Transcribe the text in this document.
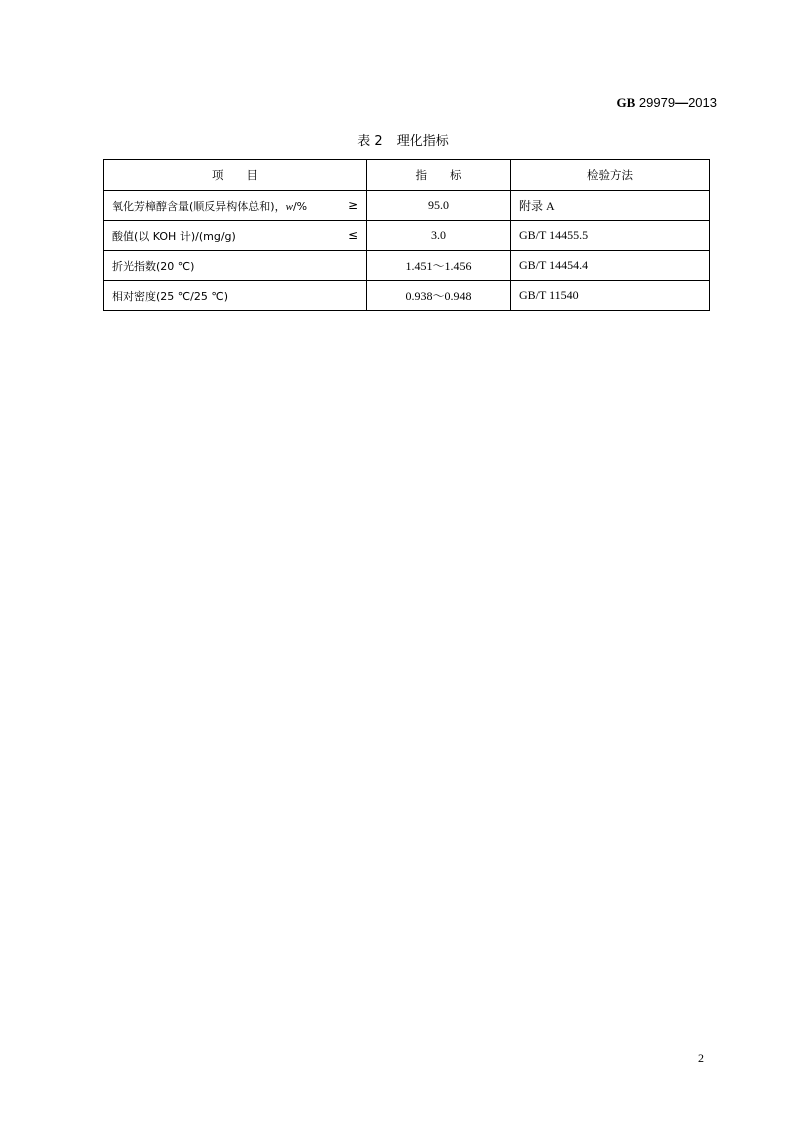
GB 29979—2013
表 2 理化指标
项　　目	指　　标	检验方法
氧化芳樟醇含量(顺反异构体总和)，w/% ≥	95.0	附录 A
酸值(以 KOH 计)/(mg/g) ≤	3.0	GB/T 14455.5
折光指数(20 ℃)	1.451～1.456	GB/T 14454.4
相对密度(25 ℃/25 ℃)	0.938～0.948	GB/T 11540
2
